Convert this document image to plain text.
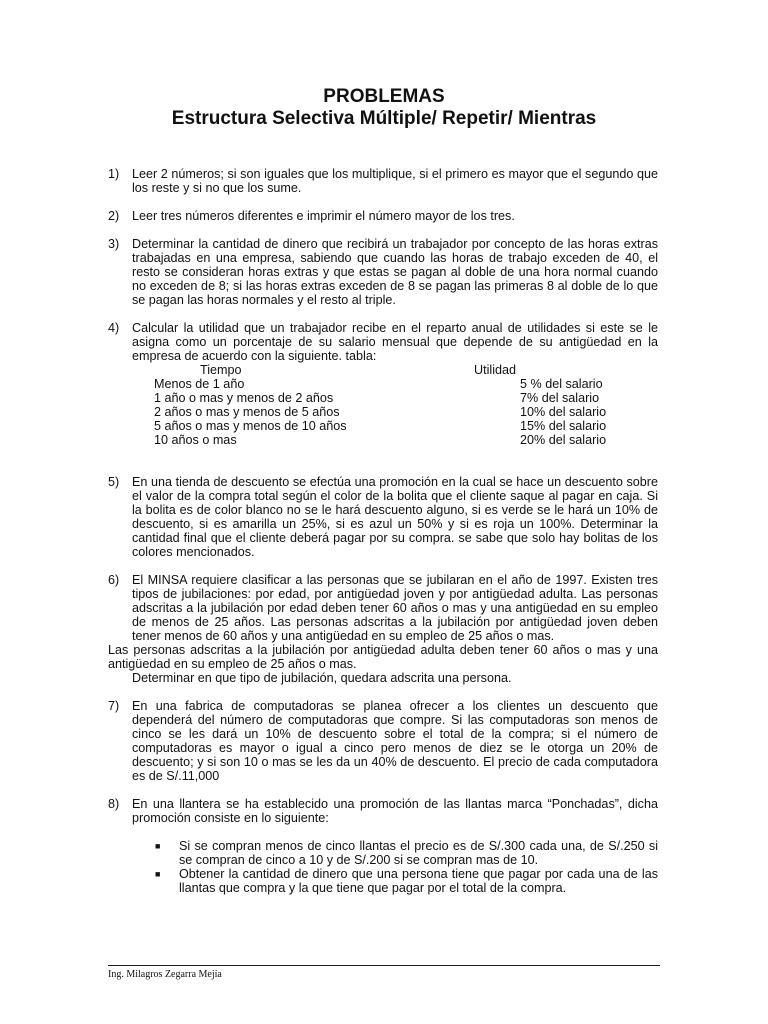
PROBLEMAS
Estructura Selectiva Múltiple/ Repetir/ Mientras
1)	Leer 2 números; si son iguales que los multiplique, si el primero es mayor que el segundo que los reste y si no que los sume.
2)	Leer tres números diferentes e imprimir el número mayor de los tres.
3)	Determinar la cantidad de dinero que recibirá un trabajador por concepto de las horas extras trabajadas en una empresa, sabiendo que cuando las horas de trabajo exceden de 40, el resto se consideran horas extras y que estas se pagan al doble de una hora normal cuando no exceden de 8; si las horas extras exceden de 8 se pagan las primeras 8 al doble de lo que se pagan las horas normales y el resto al triple.
4)	Calcular la utilidad que un trabajador recibe en el reparto anual de utilidades si este se le asigna como un porcentaje de su salario mensual que depende de su antigüedad en la empresa de acuerdo con la siguiente. tabla:
Tiempo	Utilidad
Menos de 1 año	5 % del salario
1 año o mas y menos de 2 años	7% del salario
2 años o mas y menos de 5 años	10% del salario
5 años o mas y menos de 10 años	15% del salario
10 años o mas	20% del salario
5)	En una tienda de descuento se efectúa una promoción en la cual se hace un descuento sobre el valor de la compra total según el color de la bolita que el cliente saque al pagar en caja. Si la bolita es de color blanco no se le hará descuento alguno, si es verde se le hará un 10% de descuento, si es amarilla un 25%, si es azul un 50% y si es roja un 100%. Determinar la cantidad final que el cliente deberá pagar por su compra. se sabe que solo hay bolitas de los colores mencionados.
6)	El MINSA requiere clasificar a las personas que se jubilaran en el año de 1997. Existen tres tipos de jubilaciones: por edad, por antigüedad joven y por antigüedad adulta. Las personas adscritas a la jubilación por edad deben tener 60 años o mas y una antigüedad en su empleo de menos de 25 años. Las personas adscritas a la jubilación por antigüedad joven deben tener menos de 60 años y una antigüedad en su empleo de 25 años o mas.
Las personas adscritas a la jubilación por antigüedad adulta deben tener 60 años o mas y una antigüedad en su empleo de 25 años o mas.
Determinar en que tipo de jubilación, quedara adscrita una persona.
7)	En una fabrica de computadoras se planea ofrecer a los clientes un descuento que dependerá del número de computadoras que compre. Si las computadoras son menos de cinco se les dará un 10% de descuento sobre el total de la compra; si el número de computadoras es mayor o igual a cinco pero menos de diez se le otorga un 20% de descuento; y si son 10 o mas se les da un 40% de descuento. El precio de cada computadora es de S/.11,000
8)	En una llantera se ha establecido una promoción de las llantas marca “Ponchadas”, dicha promoción consiste en lo siguiente:
■ Si se compran menos de cinco llantas el precio es de S/.300 cada una, de S/.250 si se compran de cinco a 10 y de S/.200 si se compran mas de 10.
■ Obtener la cantidad de dinero que una persona tiene que pagar por cada una de las llantas que compra y la que tiene que pagar por el total de la compra.
Ing. Milagros Zegarra Mejía
